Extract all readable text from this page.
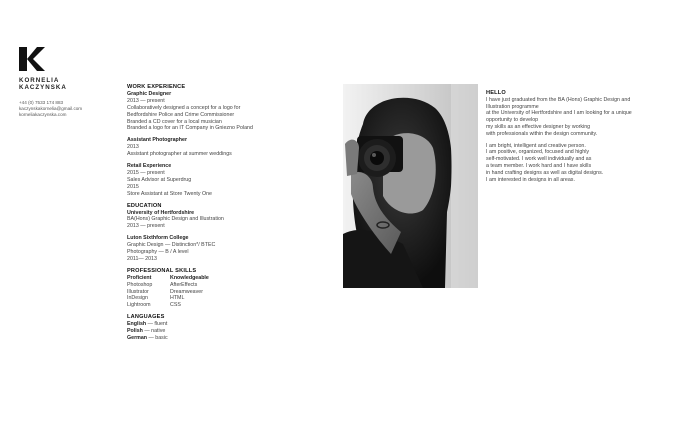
KORNELIA
KACZYNSKA
+44 (0) 7533 174 883
kaczynskakornelia@gmail.com
korneliakaczynska.com
WORK EXPERIENCE
Graphic Designer
2013 — present
Collaboratively designed a concept for a logo for
Bedfordshire Police and Crime Commissioner
Branded a CD cover for a local musician
Branded a logo for an IT Company in Gniezno Poland
Assistant Photographer
2013
Assistant photographer at summer weddings
Retail Experience
2015 — present
Sales Advisor at Superdrug
2015
Store Assistant at Store Twenty One
EDUCATION
University of Hertfordshire
BA(Hons) Graphic Design and Illustration
2013 — present
Luton Sixthform College
Graphic Design — Distinction*/ BTEC
Photography — B / A level
2011— 2013
PROFESSIONAL SKILLS
Proficient
Photoshop
Illustrator
InDesign
Lightroom
Knowledgeable
AfterEffects
Dreamweaver
HTML
CSS
LANGUAGES
English — fluent
Polish — native
German — basic
HELLO
I have just graduated from the BA (Hons) Graphic Design and
Illustration programme
at the University of Hertfordshire and I am looking for a unique
opportunity to develop
my skills as an effective designer by working
with professionals within the design community.
I am bright, intelligent and creative person.
I am positive, organized, focused and highly
self-motivated. I work well individually and as
a team member. I work hard and I have skills
in hand crafting designs as well as digital designs.
I am interested in designs in all areas.
